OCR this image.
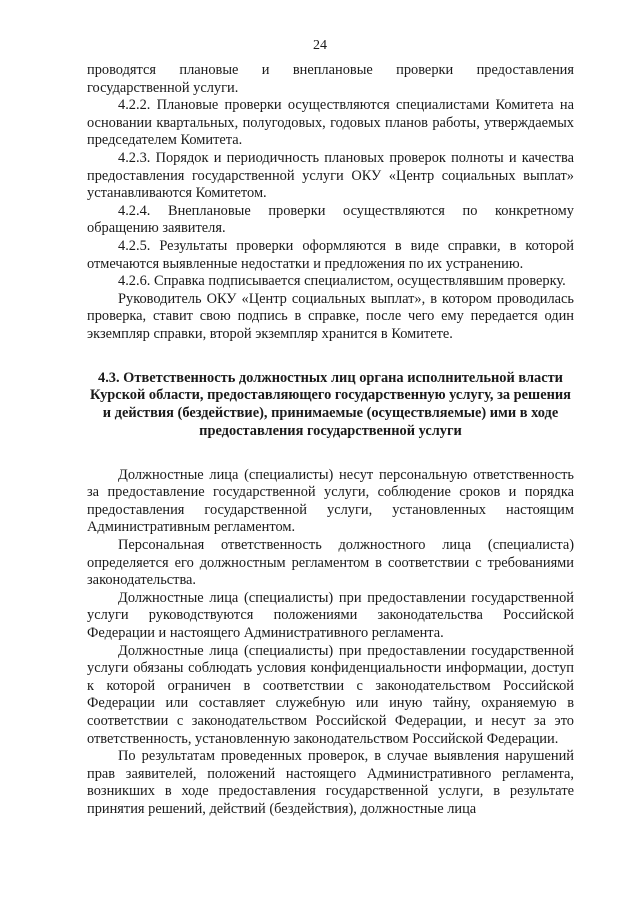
24

проводятся плановые и внеплановые проверки предоставления государственной услуги.

4.2.2. Плановые проверки осуществляются специалистами Комитета на основании квартальных, полугодовых, годовых планов работы, утверждаемых председателем Комитета.

4.2.3. Порядок и периодичность плановых проверок полноты и качества предоставления государственной услуги ОКУ «Центр социальных выплат» устанавливаются Комитетом.

4.2.4. Внеплановые проверки осуществляются по конкретному обращению заявителя.

4.2.5. Результаты проверки оформляются в виде справки, в которой отмечаются выявленные недостатки и предложения по их устранению.

4.2.6. Справка подписывается специалистом, осуществлявшим проверку.

Руководитель ОКУ «Центр социальных выплат», в котором проводилась проверка, ставит свою подпись в справке, после чего ему передается один экземпляр справки, второй экземпляр хранится в Комитете.

4.3. Ответственность должностных лиц органа исполнительной власти Курской области, предоставляющего государственную услугу, за решения и действия (бездействие), принимаемые (осуществляемые) ими в ходе предоставления государственной услуги

Должностные лица (специалисты) несут персональную ответственность за предоставление государственной услуги, соблюдение сроков и порядка предоставления государственной услуги, установленных настоящим Административным регламентом.

Персональная ответственность должностного лица (специалиста) определяется его должностным регламентом в соответствии с требованиями законодательства.

Должностные лица (специалисты) при предоставлении государственной услуги руководствуются положениями законодательства Российской Федерации и настоящего Административного регламента.

Должностные лица (специалисты) при предоставлении государственной услуги обязаны соблюдать условия конфиденциальности информации, доступ к которой ограничен в соответствии с законодательством Российской Федерации или составляет служебную или иную тайну, охраняемую в соответствии с законодательством Российской Федерации, и несут за это ответственность, установленную законодательством Российской Федерации.

По результатам проведенных проверок, в случае выявления нарушений прав заявителей, положений настоящего Административного регламента, возникших в ходе предоставления государственной услуги, в результате принятия решений, действий (бездействия), должностные лица
